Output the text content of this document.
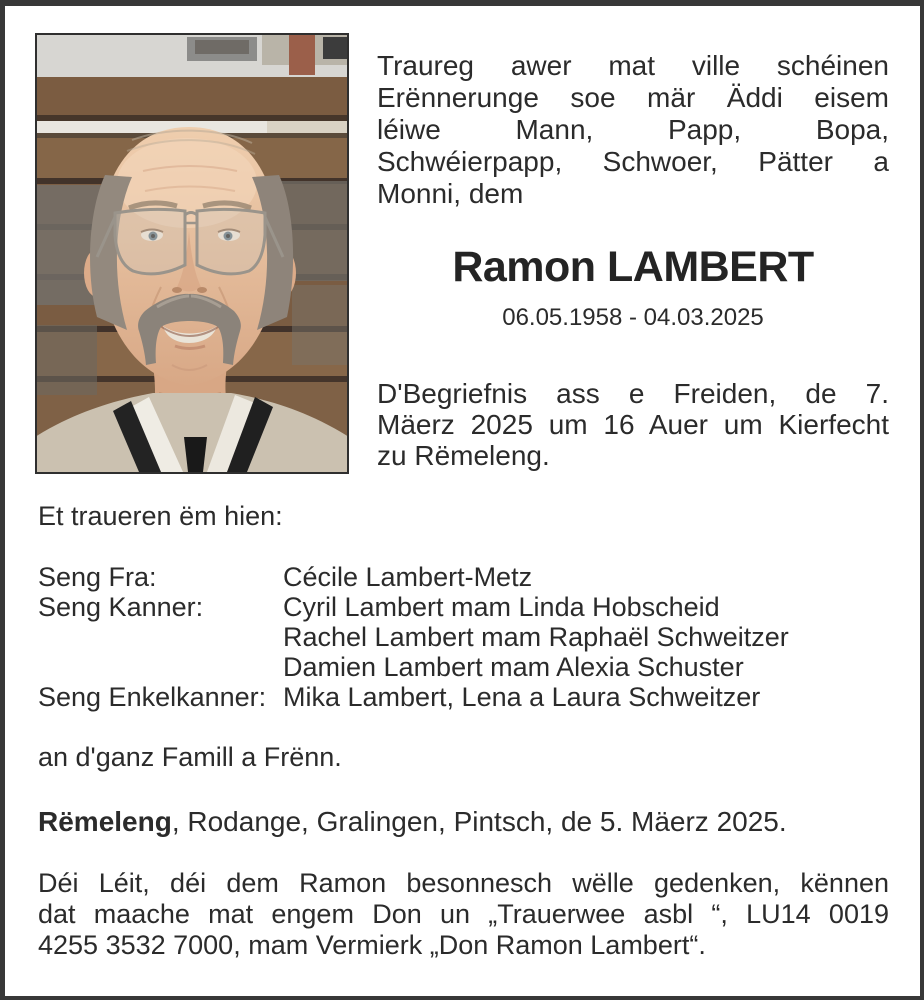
Traureg awer mat ville schéinen
Erënnerunge soe mär Äddi eisem
léiwe Mann, Papp, Bopa,
Schwéierpapp, Schwoer, Pätter a
Monni, dem
Ramon LAMBERT
06.05.1958 - 04.03.2025
D'Begriefnis ass e Freiden, de 7.
Mäerz 2025 um 16 Auer um Kierfecht
zu Rëmeleng.

Et traueren ëm hien:

Seng Fra:	Cécile Lambert-Metz
Seng Kanner:	Cyril Lambert mam Linda Hobscheid
Rachel Lambert mam Raphaël Schweitzer
Damien Lambert mam Alexia Schuster
Seng Enkelkanner: Mika Lambert, Lena a Laura Schweitzer

an d'ganz Famill a Frënn.

Rëmeleng, Rodange, Gralingen, Pintsch, de 5. Mäerz 2025.

Déi Léit, déi dem Ramon besonnesch wëlle gedenken, kënnen
dat maache mat engem Don un „Trauerwee asbl “, LU14 0019
4255 3532 7000, mam Vermierk „Don Ramon Lambert“.
